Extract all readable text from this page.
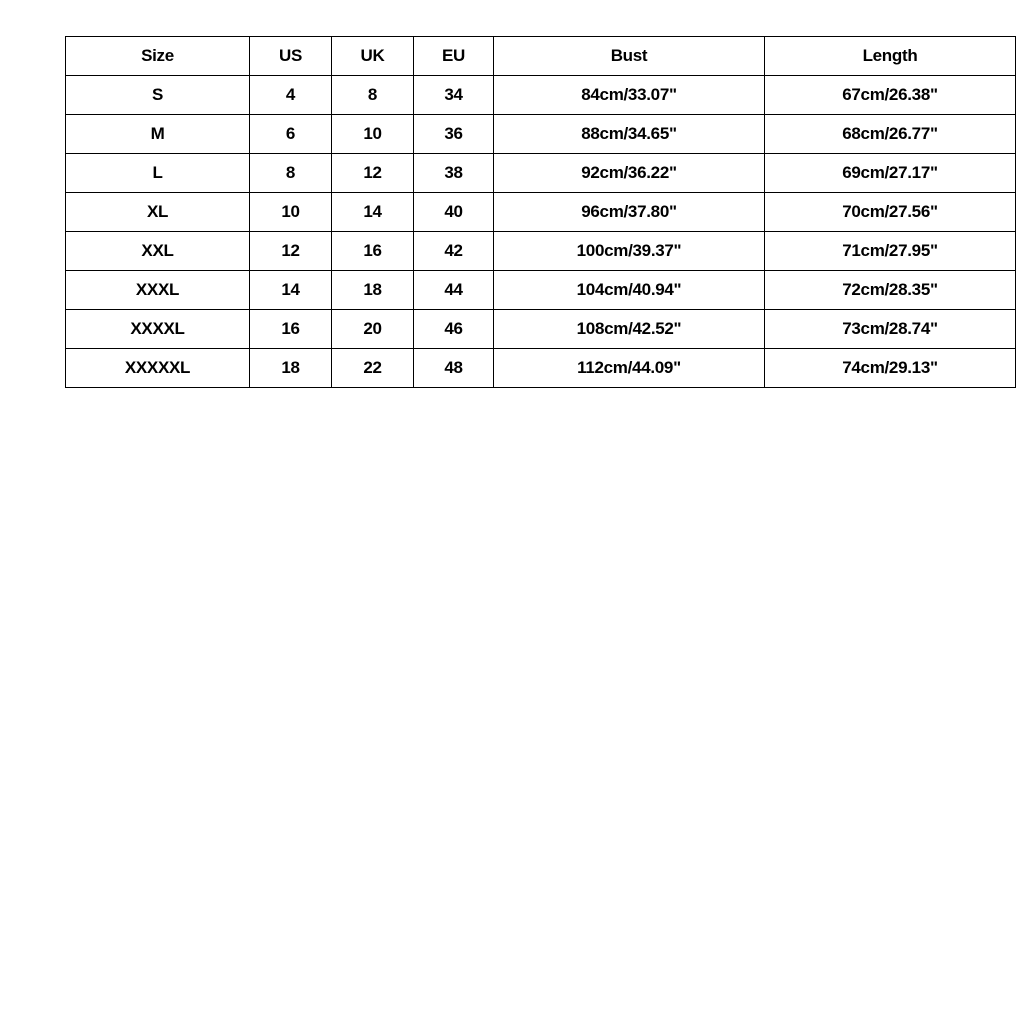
Size	US	UK	EU	Bust	Length
S	4	8	34	84cm/33.07"	67cm/26.38"
M	6	10	36	88cm/34.65"	68cm/26.77"
L	8	12	38	92cm/36.22"	69cm/27.17"
XL	10	14	40	96cm/37.80"	70cm/27.56"
XXL	12	16	42	100cm/39.37"	71cm/27.95"
XXXL	14	18	44	104cm/40.94"	72cm/28.35"
XXXXL	16	20	46	108cm/42.52"	73cm/28.74"
XXXXXL	18	22	48	112cm/44.09"	74cm/29.13"
